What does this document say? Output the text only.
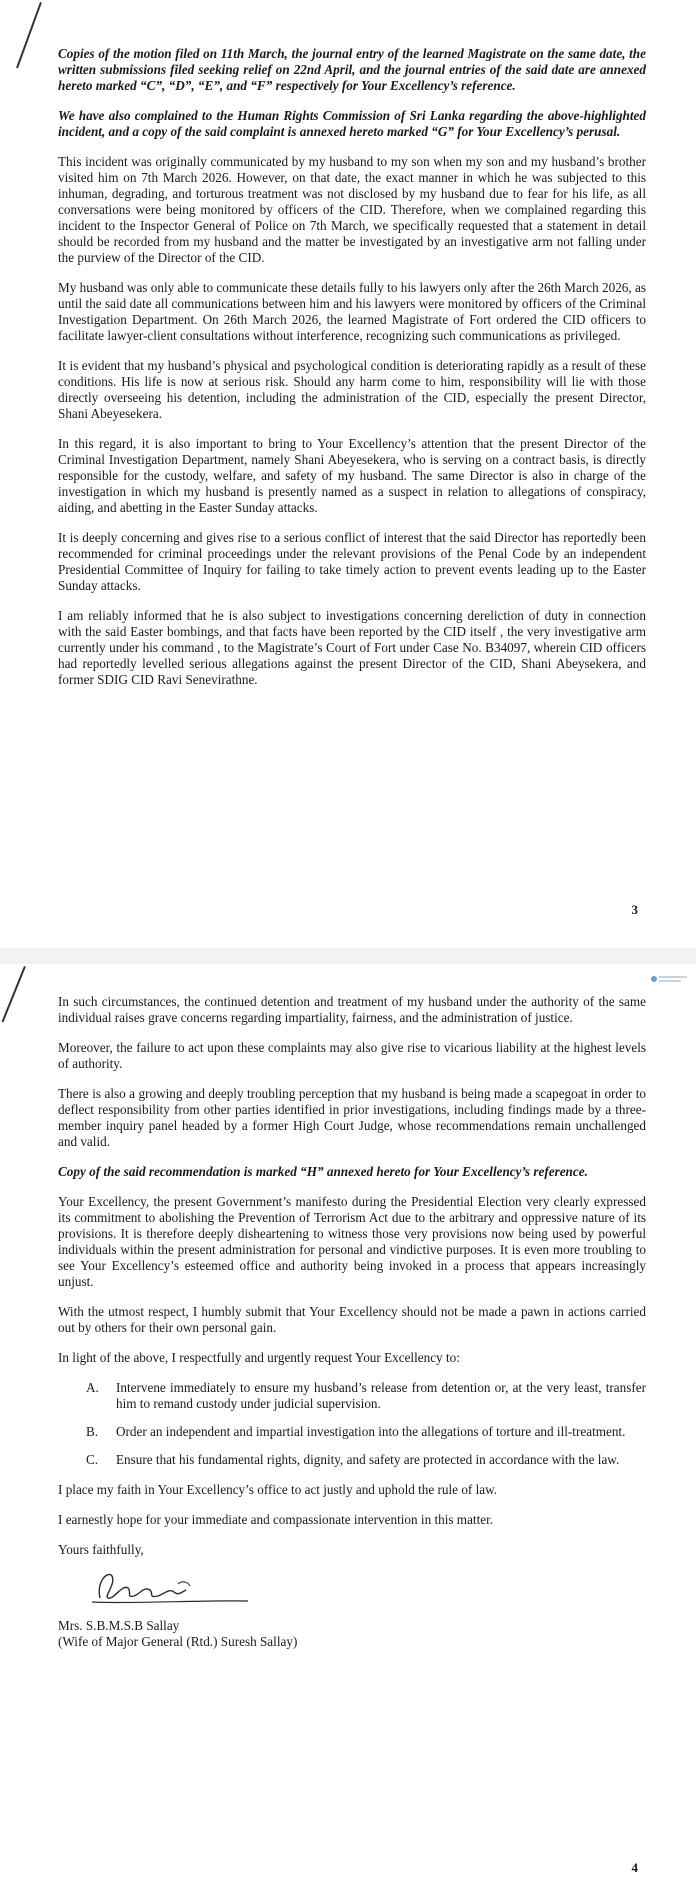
Copies of the motion filed on 11th March, the journal entry of the learned Magistrate on the same date, the written submissions filed seeking relief on 22nd April, and the journal entries of the said date are annexed hereto marked “C”, “D”, “E”, and “F” respectively for Your Excellency’s reference.

We have also complained to the Human Rights Commission of Sri Lanka regarding the above-highlighted incident, and a copy of the said complaint is annexed hereto marked “G” for Your Excellency’s perusal.

This incident was originally communicated by my husband to my son when my son and my husband’s brother visited him on 7th March 2026. However, on that date, the exact manner in which he was subjected to this inhuman, degrading, and torturous treatment was not disclosed by my husband due to fear for his life, as all conversations were being monitored by officers of the CID. Therefore, when we complained regarding this incident to the Inspector General of Police on 7th March, we specifically requested that a statement in detail should be recorded from my husband and the matter be investigated by an investigative arm not falling under the purview of the Director of the CID.

My husband was only able to communicate these details fully to his lawyers only after the 26th March 2026, as until the said date all communications between him and his lawyers were monitored by officers of the Criminal Investigation Department. On 26th March 2026, the learned Magistrate of Fort ordered the CID officers to facilitate lawyer-client consultations without interference, recognizing such communications as privileged.

It is evident that my husband’s physical and psychological condition is deteriorating rapidly as a result of these conditions. His life is now at serious risk. Should any harm come to him, responsibility will lie with those directly overseeing his detention, including the administration of the CID, especially the present Director, Shani Abeyesekera.

In this regard, it is also important to bring to Your Excellency’s attention that the present Director of the Criminal Investigation Department, namely Shani Abeyesekera, who is serving on a contract basis, is directly responsible for the custody, welfare, and safety of my husband. The same Director is also in charge of the investigation in which my husband is presently named as a suspect in relation to allegations of conspiracy, aiding, and abetting in the Easter Sunday attacks.

It is deeply concerning and gives rise to a serious conflict of interest that the said Director has reportedly been recommended for criminal proceedings under the relevant provisions of the Penal Code by an independent Presidential Committee of Inquiry for failing to take timely action to prevent events leading up to the Easter Sunday attacks.

I am reliably informed that he is also subject to investigations concerning dereliction of duty in connection with the said Easter bombings, and that facts have been reported by the CID itself , the very investigative arm currently under his command , to the Magistrate’s Court of Fort under Case No. B34097, wherein CID officers had reportedly levelled serious allegations against the present Director of the CID, Shani Abeysekera, and former SDIG CID Ravi Senevirathne.

3

In such circumstances, the continued detention and treatment of my husband under the authority of the same individual raises grave concerns regarding impartiality, fairness, and the administration of justice.

Moreover, the failure to act upon these complaints may also give rise to vicarious liability at the highest levels of authority.

There is also a growing and deeply troubling perception that my husband is being made a scapegoat in order to deflect responsibility from other parties identified in prior investigations, including findings made by a three-member inquiry panel headed by a former High Court Judge, whose recommendations remain unchallenged and valid.

Copy of the said recommendation is marked “H” annexed hereto for Your Excellency’s reference.

Your Excellency, the present Government’s manifesto during the Presidential Election very clearly expressed its commitment to abolishing the Prevention of Terrorism Act due to the arbitrary and oppressive nature of its provisions. It is therefore deeply disheartening to witness those very provisions now being used by powerful individuals within the present administration for personal and vindictive purposes. It is even more troubling to see Your Excellency’s esteemed office and authority being invoked in a process that appears increasingly unjust.

With the utmost respect, I humbly submit that Your Excellency should not be made a pawn in actions carried out by others for their own personal gain.

In light of the above, I respectfully and urgently request Your Excellency to:

A. Intervene immediately to ensure my husband’s release from detention or, at the very least, transfer him to remand custody under judicial supervision.
B. Order an independent and impartial investigation into the allegations of torture and ill-treatment.
C. Ensure that his fundamental rights, dignity, and safety are protected in accordance with the law.

I place my faith in Your Excellency’s office to act justly and uphold the rule of law.

I earnestly hope for your immediate and compassionate intervention in this matter.

Yours faithfully,

Mrs. S.B.M.S.B Sallay

(Wife of Major General (Rtd.) Suresh Sallay)

4
